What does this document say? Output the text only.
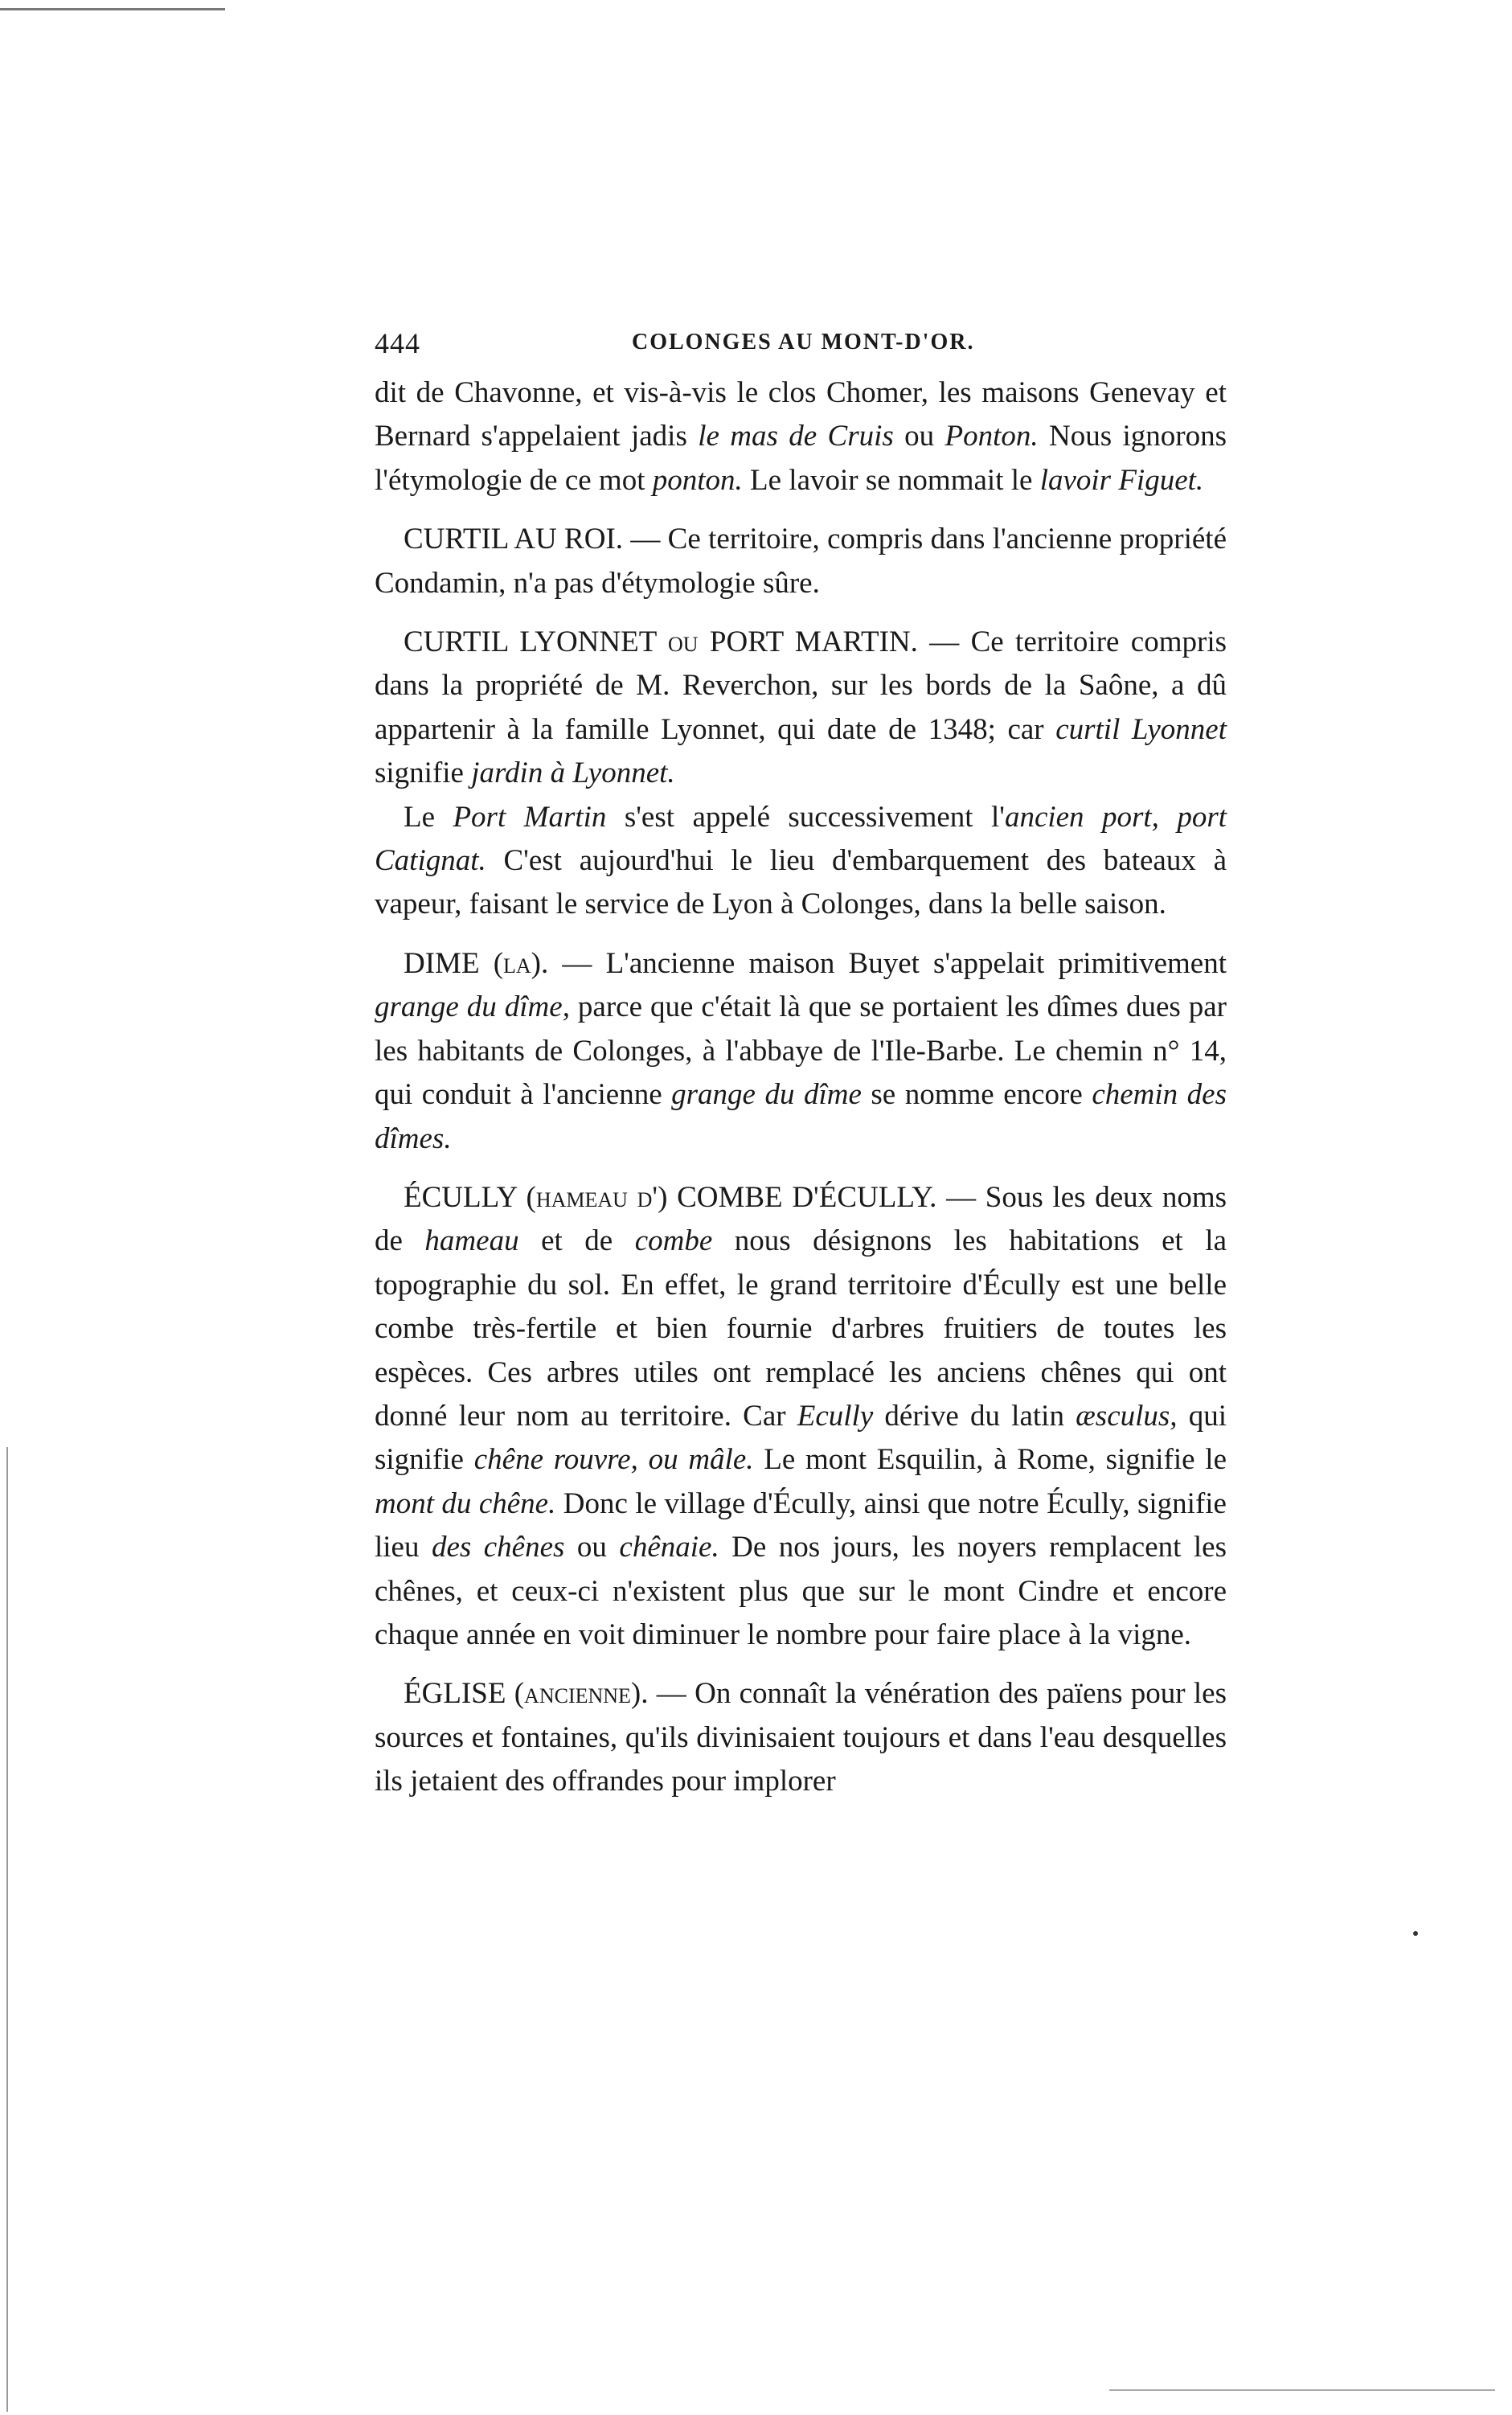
444	COLONGES AU MONT-D'OR.

dit de Chavonne, et vis-à-vis le clos Chomer, les maisons Genevay et Bernard s'appelaient jadis le mas de Cruis ou Ponton. Nous ignorons l'étymologie de ce mot ponton. Le lavoir se nommait le lavoir Figuet.

CURTIL AU ROI. — Ce territoire, compris dans l'ancienne propriété Condamin, n'a pas d'étymologie sûre.

CURTIL LYONNET ou PORT MARTIN. — Ce territoire compris dans la propriété de M. Reverchon, sur les bords de la Saône, a dû appartenir à la famille Lyonnet, qui date de 1348; car curtil Lyonnet signifie jardin à Lyonnet.

Le Port Martin s'est appelé successivement l'ancien port, port Catignat. C'est aujourd'hui le lieu d'embarquement des bateaux à vapeur, faisant le service de Lyon à Colonges, dans la belle saison.

DIME (la). — L'ancienne maison Buyet s'appelait primitivement grange du dîme, parce que c'était là que se portaient les dîmes dues par les habitants de Colonges, à l'abbaye de l'Ile-Barbe. Le chemin n° 14, qui conduit à l'ancienne grange du dîme se nomme encore chemin des dîmes.

ÉCULLY (hameau d') COMBE D'ÉCULLY. — Sous les deux noms de hameau et de combe nous désignons les habitations et la topographie du sol. En effet, le grand territoire d'Écully est une belle combe très-fertile et bien fournie d'arbres fruitiers de toutes les espèces. Ces arbres utiles ont remplacé les anciens chênes qui ont donné leur nom au territoire. Car Ecully dérive du latin æsculus, qui signifie chêne rouvre, ou mâle. Le mont Esquilin, à Rome, signifie le mont du chêne. Donc le village d'Écully, ainsi que notre Écully, signifie lieu des chênes ou chênaie. De nos jours, les noyers remplacent les chênes, et ceux-ci n'existent plus que sur le mont Cindre et encore chaque année en voit diminuer le nombre pour faire place à la vigne.

ÉGLISE (ancienne). — On connaît la vénération des païens pour les sources et fontaines, qu'ils divinisaient toujours et dans l'eau desquelles ils jetaient des offrandes pour implorer
